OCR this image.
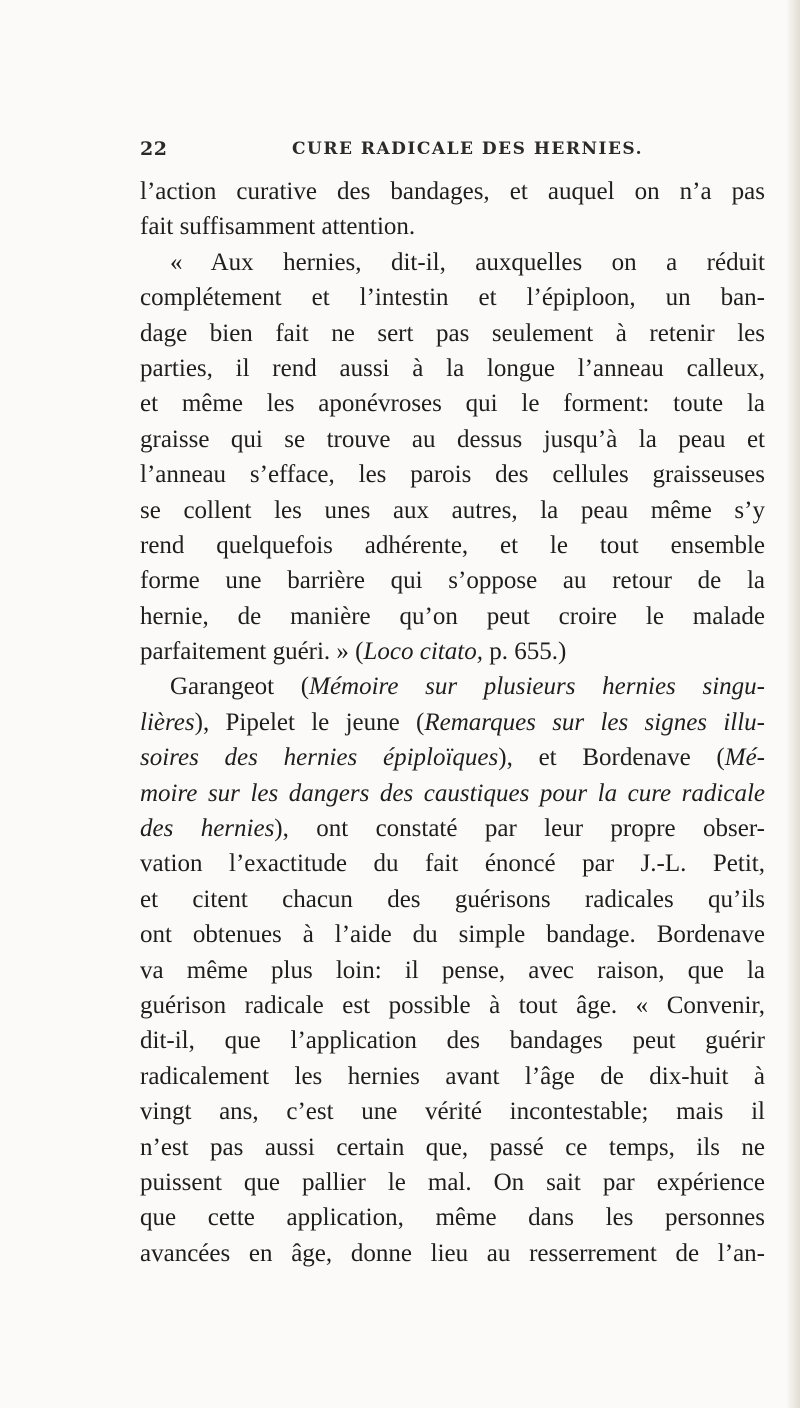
22	CURE RADICALE DES HERNIES.
l’action curative des bandages, et auquel on n’a pas
fait suffisamment attention.
« Aux hernies, dit-il, auxquelles on a réduit
complétement et l’intestin et l’épiploon, un ban-
dage bien fait ne sert pas seulement à retenir les
parties, il rend aussi à la longue l’anneau calleux,
et même les aponévroses qui le forment: toute la
graisse qui se trouve au dessus jusqu’à la peau et
l’anneau s’efface, les parois des cellules graisseuses
se collent les unes aux autres, la peau même s’y
rend quelquefois adhérente, et le tout ensemble
forme une barrière qui s’oppose au retour de la
hernie, de manière qu’on peut croire le malade
parfaitement guéri. » (Loco citato, p. 655.)
Garangeot (Mémoire sur plusieurs hernies singu-
lières), Pipelet le jeune (Remarques sur les signes illu-
soires des hernies épiploïques), et Bordenave (Mé-
moire sur les dangers des caustiques pour la cure radicale
des hernies), ont constaté par leur propre obser-
vation l’exactitude du fait énoncé par J.-L. Petit,
et citent chacun des guérisons radicales qu’ils
ont obtenues à l’aide du simple bandage. Bordenave
va même plus loin: il pense, avec raison, que la
guérison radicale est possible à tout âge. « Convenir,
dit-il, que l’application des bandages peut guérir
radicalement les hernies avant l’âge de dix-huit à
vingt ans, c’est une vérité incontestable; mais il
n’est pas aussi certain que, passé ce temps, ils ne
puissent que pallier le mal. On sait par expérience
que cette application, même dans les personnes
avancées en âge, donne lieu au resserrement de l’an-
